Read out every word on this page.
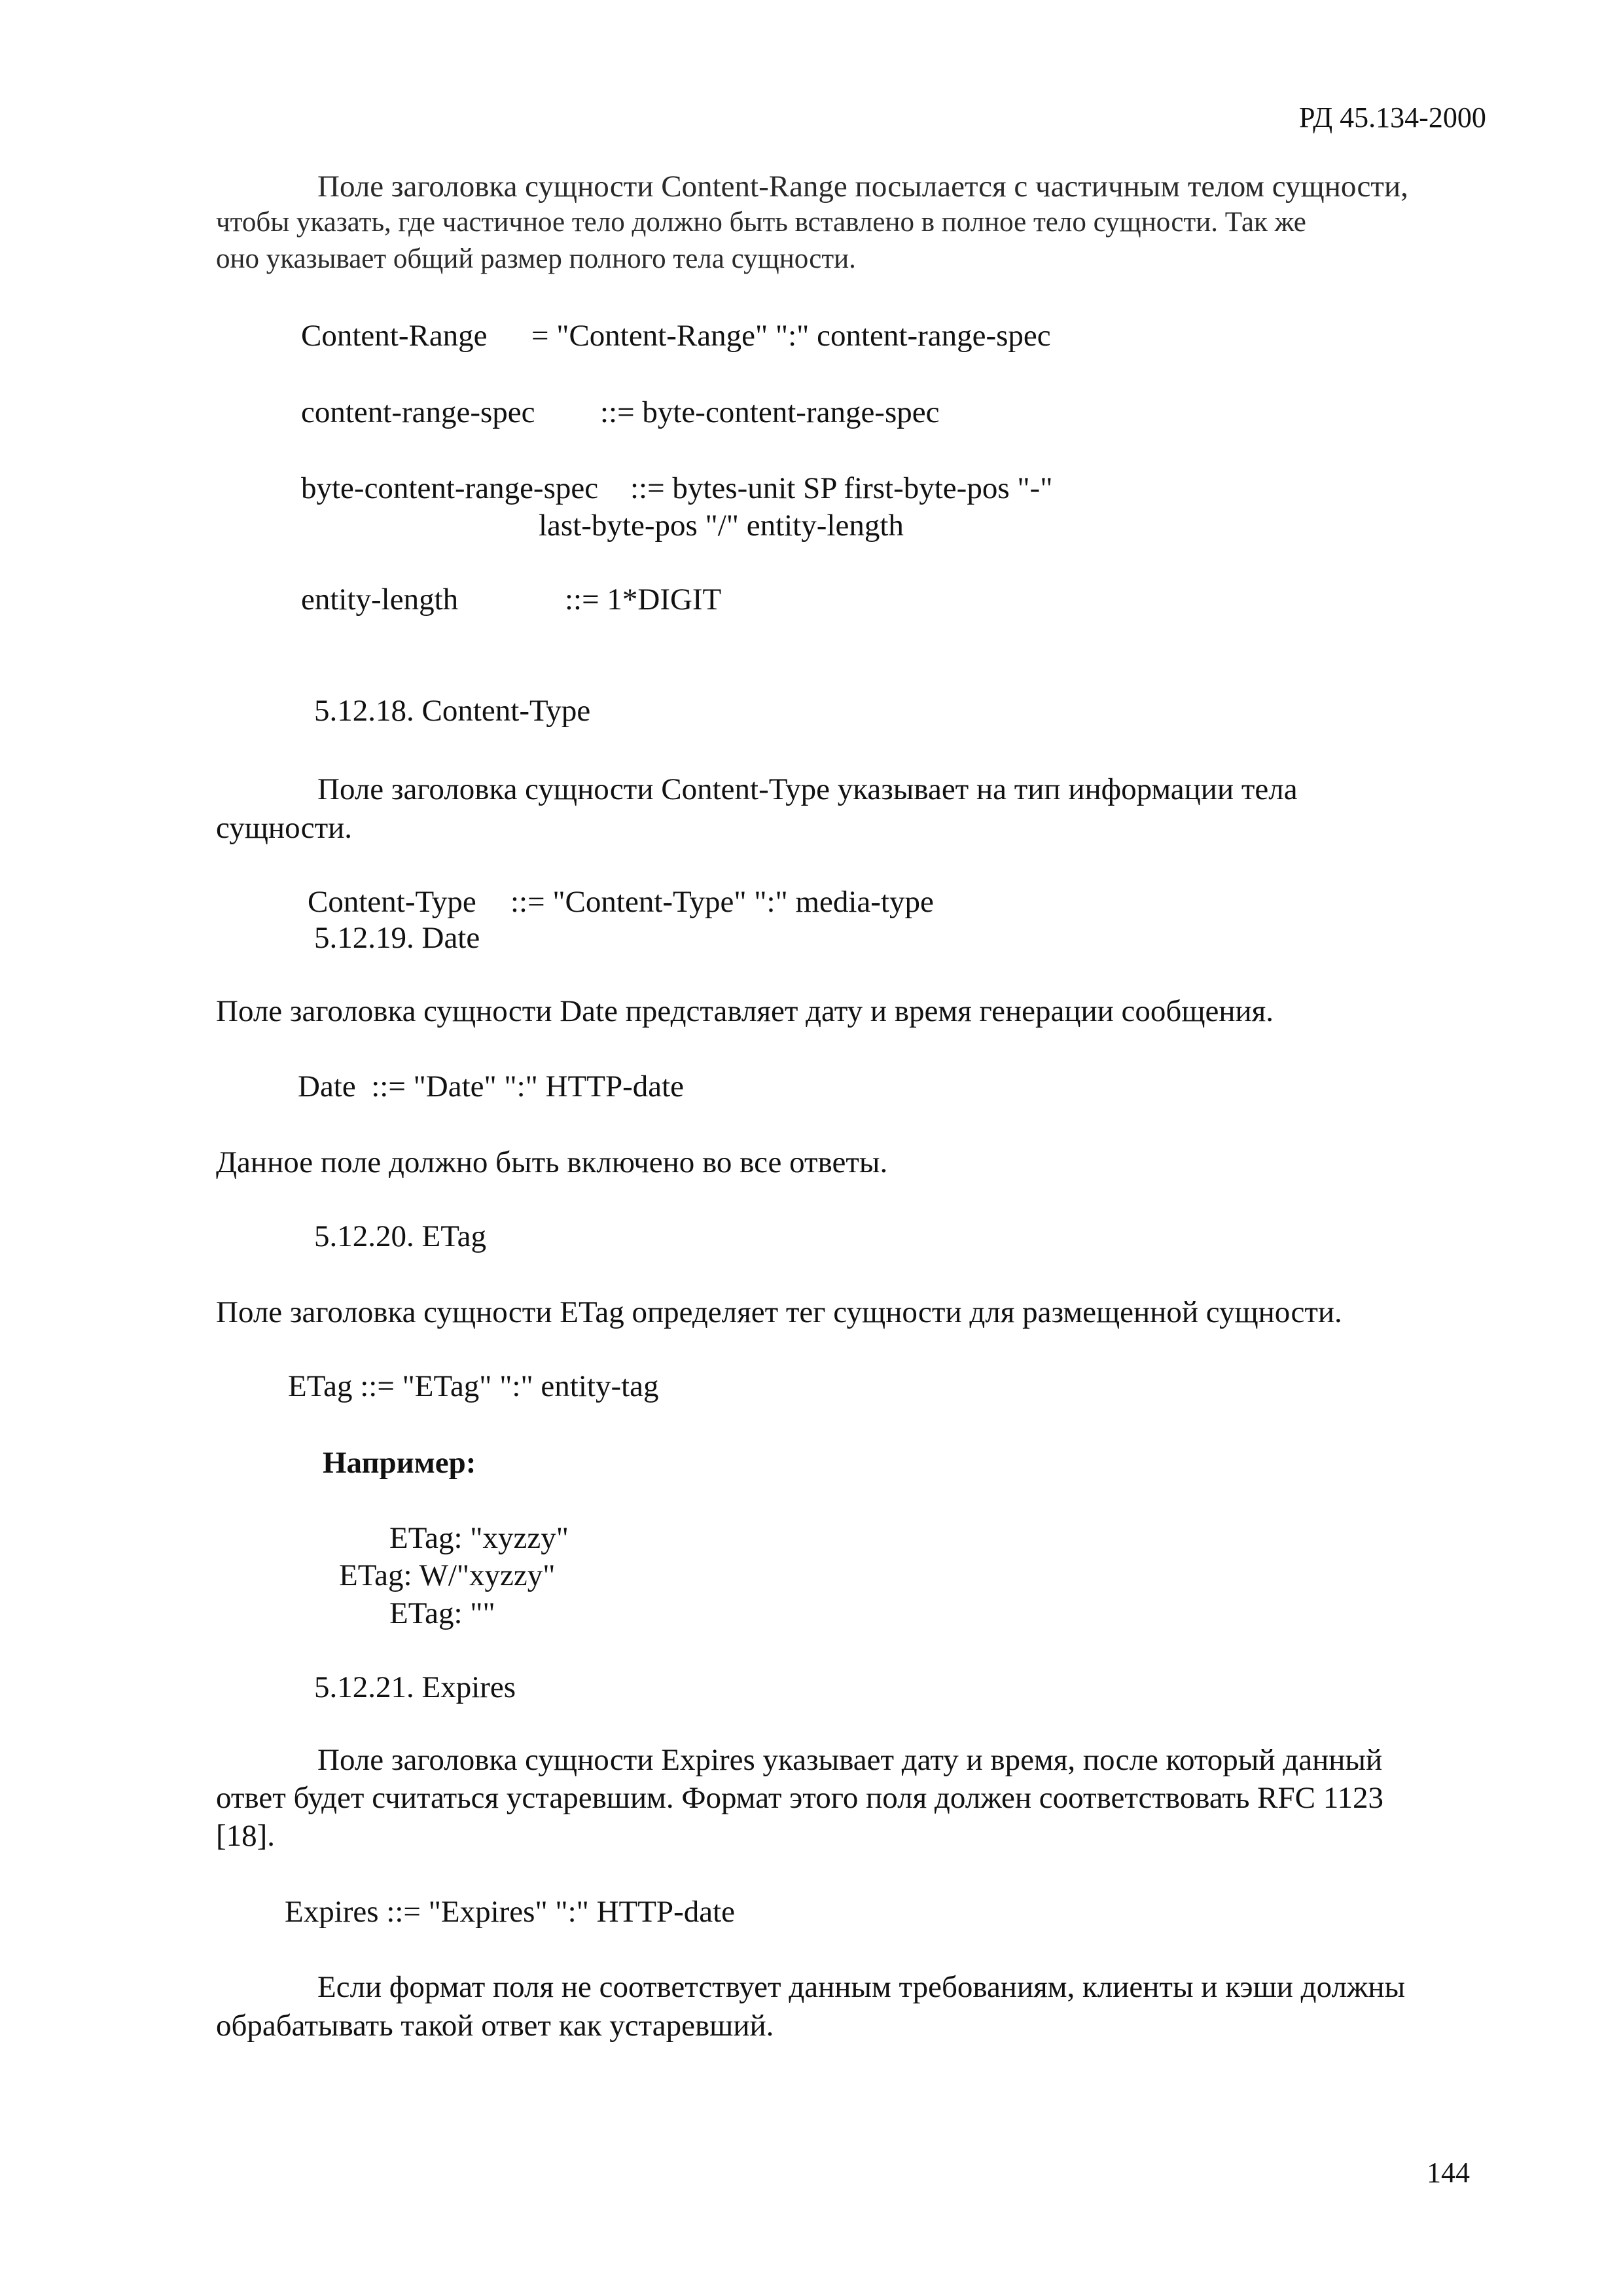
РД 45.134-2000
Поле заголовка сущности Content-Range посылается с частичным телом сущности,
чтобы указать, где частичное тело должно быть вставлено в полное тело сущности. Так же
оно указывает общий размер полного тела сущности.
Content-Range = "Content-Range" ":" content-range-spec
content-range-spec ::= byte-content-range-spec
byte-content-range-spec ::= bytes-unit SP first-byte-pos "-"
last-byte-pos "/" entity-length
entity-length	::= 1*DIGIT
5.12.18. Content-Type
Поле заголовка сущности Content-Type указывает на тип информации тела
сущности.
Content-Type ::= "Content-Type" ":" media-type
5.12.19. Date
Поле заголовка сущности Date представляет дату и время генерации сообщения.
Date  ::= "Date" ":" HTTP-date
Данное поле должно быть включено во все ответы.
5.12.20. ETag
Поле заголовка сущности ETag определяет тег сущности для размещенной сущности.
ETag ::= "ETag" ":" entity-tag
Например:
ETag: "xyzzy"
ETag: W/"xyzzy"
ETag: ""
5.12.21. Expires
Поле заголовка сущности Expires указывает дату и время, после который данный
ответ будет считаться устаревшим. Формат этого поля должен соответствовать RFC 1123
[18].
Expires ::= "Expires" ":" HTTP-date
Если формат поля не соответствует данным требованиям, клиенты и кэши должны
обрабатывать такой ответ как устаревший.
144
